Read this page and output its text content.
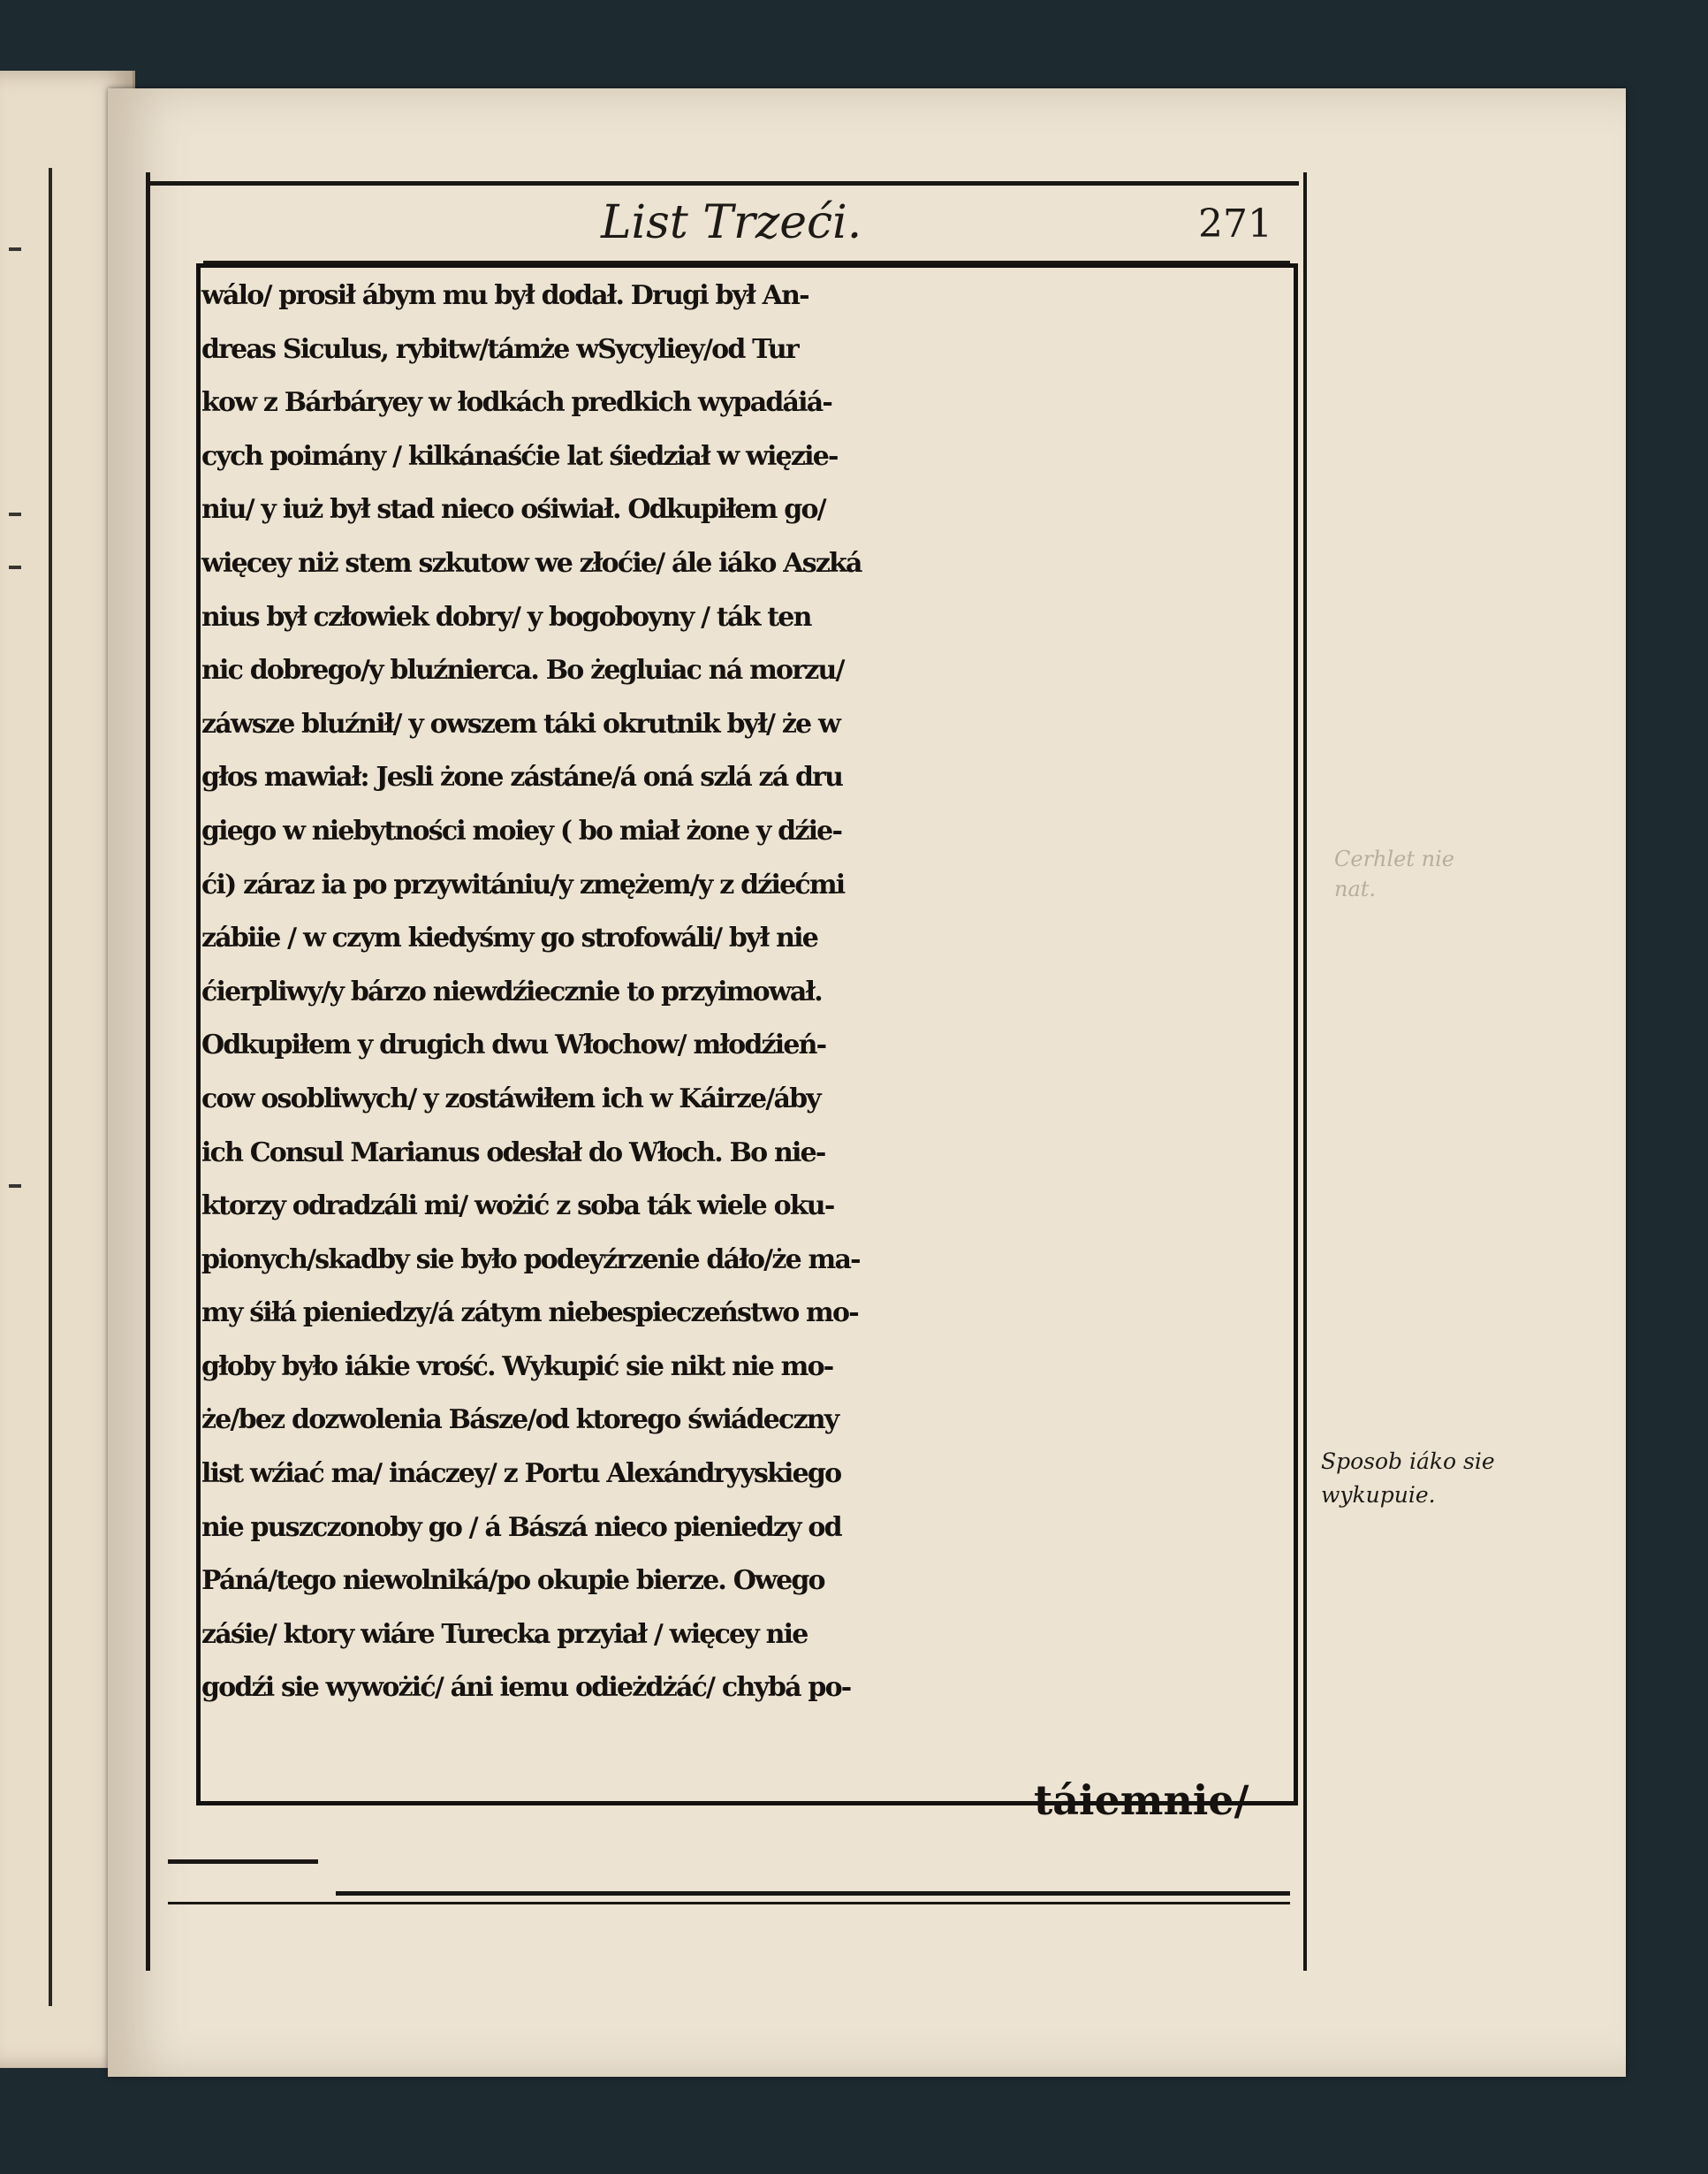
List Trzeći.	271
wálo/ prosił ábym mu był dodał. Drugi był An-
dreas Siculus, rybitw/támże wSycyliey/od Tur
kow z Bárbáryey w łodkách predkich wypadáiá-
cych poimány / kilkánaśćie lat śiedział w więzie-
niu/ y iuż był stad nieco ośiwiał. Odkupiłem go/
więcey niż stem szkutow we złoćie/ ále iáko Aszká
nius był człowiek dobry/ y bogoboyny / ták ten
nic dobrego/y bluźnierca. Bo żegluiac ná morzu/
záwsze bluźnił/ y owszem táki okrutnik był/ że w
głos mawiał: Jesli żone zástáne/á oná szlá zá dru
giego w niebytności moiey ( bo miał żone y dźie-
ći) záraz ia po przywitániu/y zmężem/y z dźiećmi
zábiie / w czym kiedyśmy go strofowáli/ był nie
ćierpliwy/y bárzo niewdźiecznie to przyimował.
Odkupiłem y drugich dwu Włochow/ młodźień-
cow osobliwych/ y zostáwiłem ich w Káirze/áby
ich Consul Marianus odesłał do Włoch. Bo nie-
ktorzy odradzáli mi/ wożić z soba ták wiele oku-
pionych/skadby sie było podeyźrzenie dáło/że ma-
my śiłá pieniedzy/á zátym niebespieczeństwo mo-
głoby było iákie vrość. Wykupić sie nikt nie mo-
że/bez dozwolenia Básze/od ktorego świádeczny
list wźiać ma/ ináczey/ z Portu Alexándryyskiego
nie puszczonoby go / á Bászá nieco pieniedzy od
Páná/tego niewolniká/po okupie bierze. Owego
záśie/ ktory wiáre Turecka przyiał / więcey nie
godźi sie wywożić/ áni iemu odieżdżáć/ chybá po-
táiemnie/
Sposob iáko sie
wykupuie.
Cerhlet nie
nat.
